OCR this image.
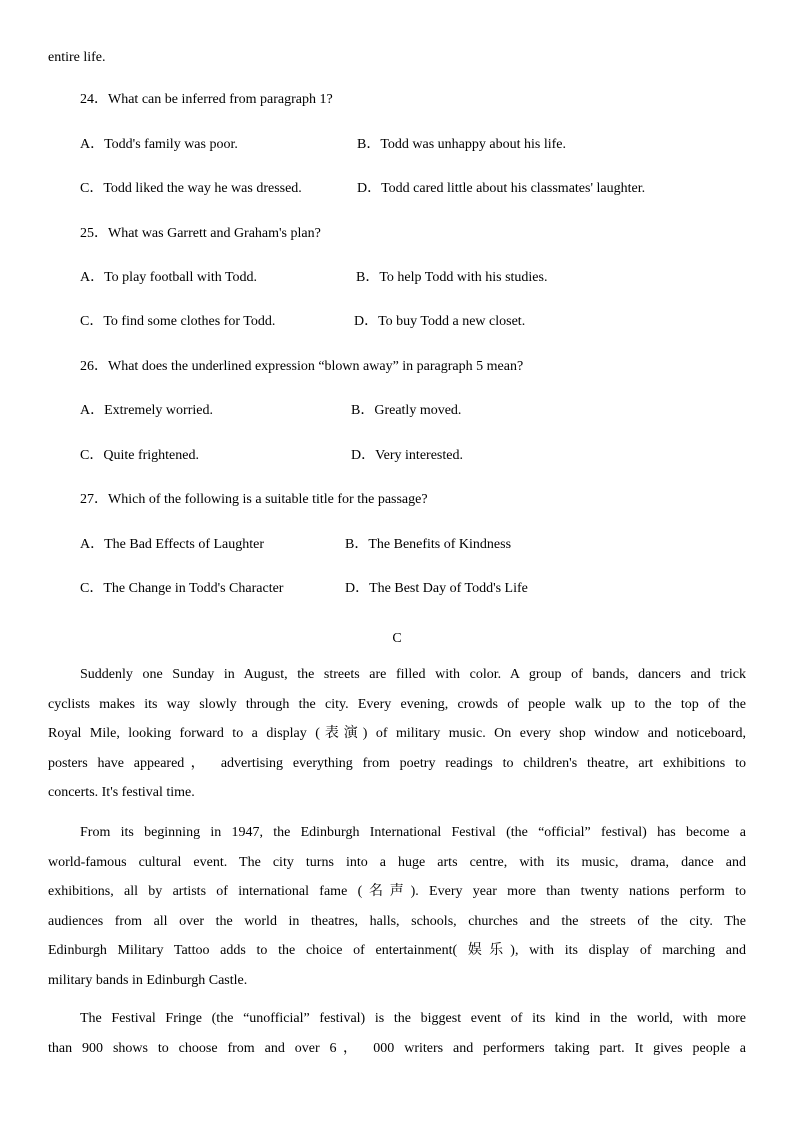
entire life.
24．What can be inferred from paragraph 1?
A．Todd's family was poor.	B．Todd was unhappy about his life.
C．Todd liked the way he was dressed.	D．Todd cared little about his classmates' laughter.
25．What was Garrett and Graham's plan?
A．To play football with Todd.	B．To help Todd with his studies.
C．To find some clothes for Todd.	D．To buy Todd a new closet.
26．What does the underlined expression “blown away” in paragraph 5 mean?
A．Extremely worried.	B．Greatly moved.
C．Quite frightened.	D．Very interested.
27．Which of the following is a suitable title for the passage?
A．The Bad Effects of Laughter	B．The Benefits of Kindness
C．The Change in Todd's Character	D．The Best Day of Todd's Life
C
Suddenly one Sunday in August, the streets are filled with color. A group of bands, dancers and trick
cyclists makes its way slowly through the city. Every evening, crowds of people walk up to the top of the
Royal Mile, looking forward to a display (表演) of military music. On every shop window and noticeboard,
posters have appeared， advertising everything from poetry readings to children's theatre, art exhibitions to
concerts. It's festival time.
From its beginning in 1947, the Edinburgh International Festival (the “official” festival) has become a
world-famous cultural event. The city turns into a huge arts centre, with its music, drama, dance and
exhibitions, all by artists of international fame (名声). Every year more than twenty nations perform to
audiences from all over the world in theatres, halls, schools, churches and the streets of the city. The
Edinburgh Military Tattoo adds to the choice of entertainment( 娱乐), with its display of marching and
military bands in Edinburgh Castle.
The Festival Fringe (the “unofficial” festival) is the biggest event of its kind in the world, with more
than 900 shows to choose from and over 6， 000 writers and performers taking part. It gives people a
